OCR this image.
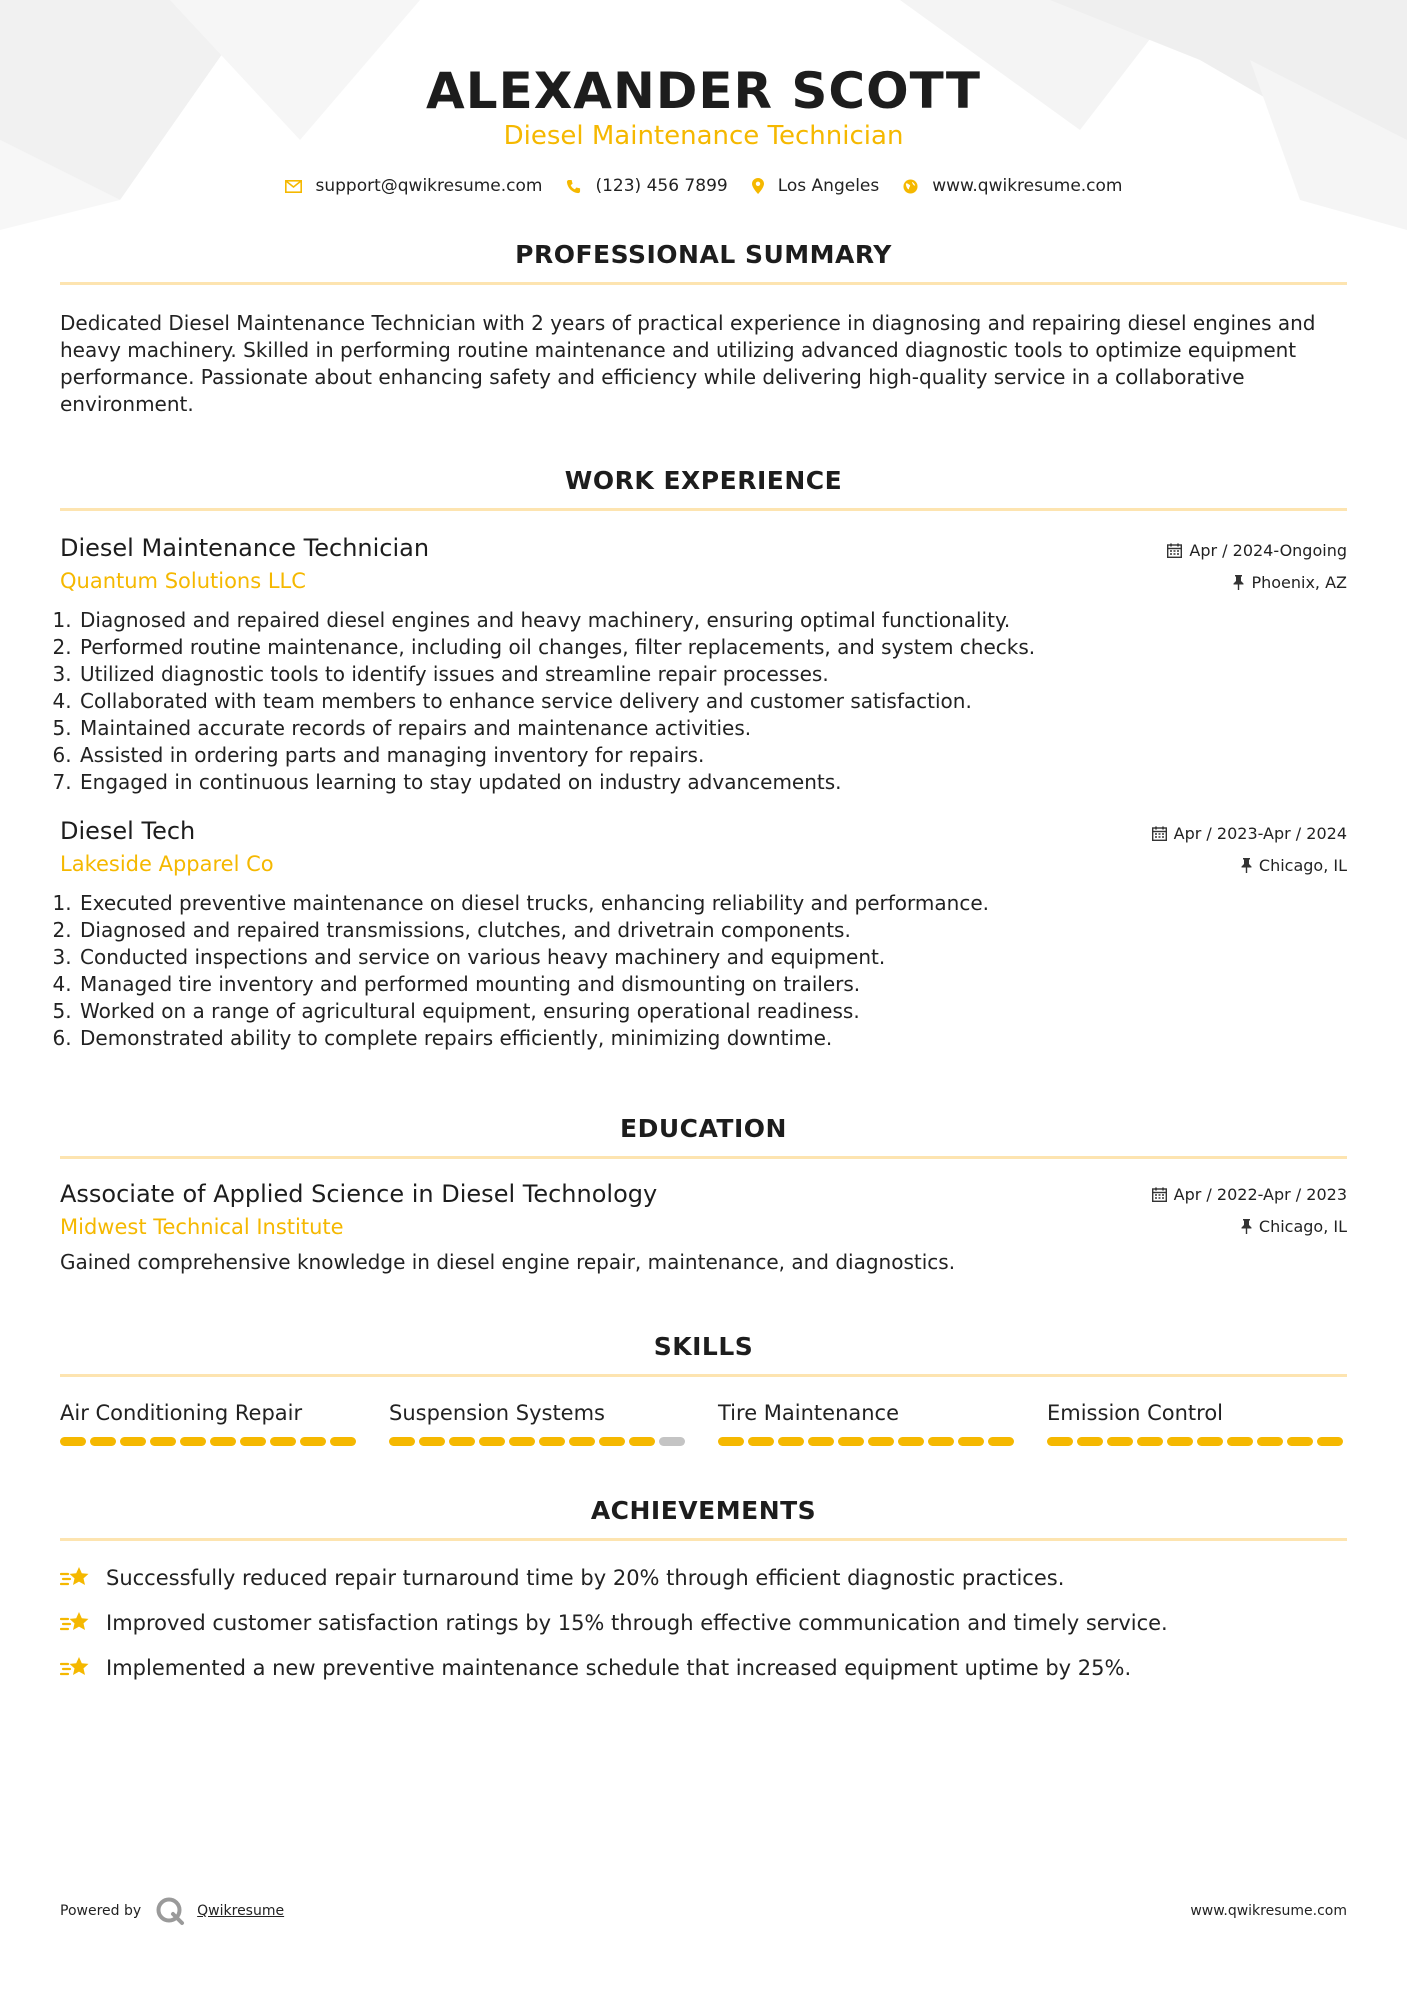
ALEXANDER SCOTT
Diesel Maintenance Technician
support@qwikresume.com	(123) 456 7899	Los Angeles	www.qwikresume.com
PROFESSIONAL SUMMARY
Dedicated Diesel Maintenance Technician with 2 years of practical experience in diagnosing and repairing diesel engines and heavy machinery. Skilled in performing routine maintenance and utilizing advanced diagnostic tools to optimize equipment performance. Passionate about enhancing safety and efficiency while delivering high-quality service in a collaborative environment.
WORK EXPERIENCE
Diesel Maintenance Technician
Quantum Solutions LLC
Apr / 2024-Ongoing
Phoenix, AZ
1. Diagnosed and repaired diesel engines and heavy machinery, ensuring optimal functionality.
2. Performed routine maintenance, including oil changes, filter replacements, and system checks.
3. Utilized diagnostic tools to identify issues and streamline repair processes.
4. Collaborated with team members to enhance service delivery and customer satisfaction.
5. Maintained accurate records of repairs and maintenance activities.
6. Assisted in ordering parts and managing inventory for repairs.
7. Engaged in continuous learning to stay updated on industry advancements.
Diesel Tech
Lakeside Apparel Co
Apr / 2023-Apr / 2024
Chicago, IL
1. Executed preventive maintenance on diesel trucks, enhancing reliability and performance.
2. Diagnosed and repaired transmissions, clutches, and drivetrain components.
3. Conducted inspections and service on various heavy machinery and equipment.
4. Managed tire inventory and performed mounting and dismounting on trailers.
5. Worked on a range of agricultural equipment, ensuring operational readiness.
6. Demonstrated ability to complete repairs efficiently, minimizing downtime.
EDUCATION
Associate of Applied Science in Diesel Technology
Midwest Technical Institute
Apr / 2022-Apr / 2023
Chicago, IL
Gained comprehensive knowledge in diesel engine repair, maintenance, and diagnostics.
SKILLS
Air Conditioning Repair	Suspension Systems	Tire Maintenance	Emission Control
ACHIEVEMENTS
Successfully reduced repair turnaround time by 20% through efficient diagnostic practices.
Improved customer satisfaction ratings by 15% through effective communication and timely service.
Implemented a new preventive maintenance schedule that increased equipment uptime by 25%.
Powered by	Qwikresume	www.qwikresume.com
